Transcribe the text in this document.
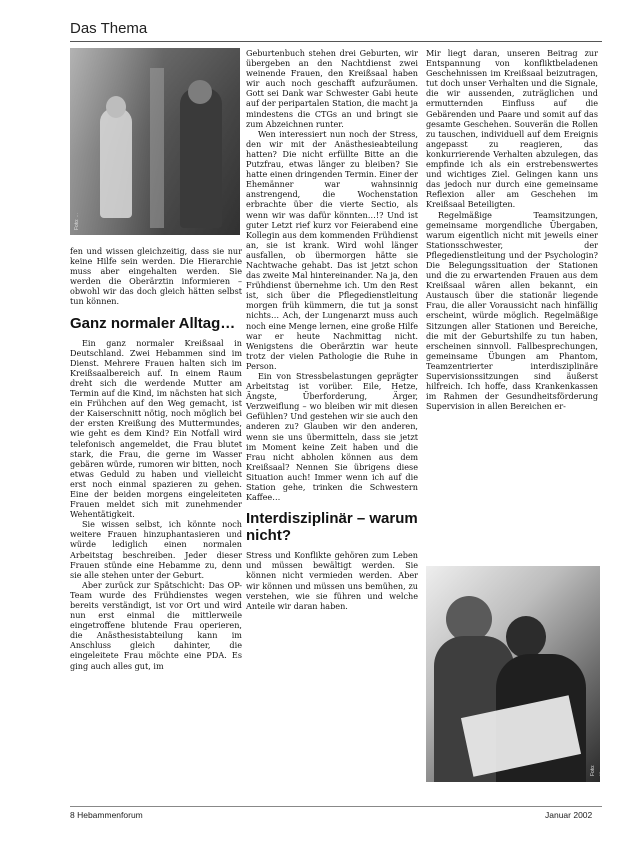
Das Thema
Foto: ...

fen und wissen gleichzeitig, dass sie nur keine Hilfe sein werden. Die Hierarchie muss aber eingehalten werden. Sie werden die Oberärztin informieren – obwohl wir das doch gleich hätten selbst tun können.

Ganz normaler Alltag…

Ein ganz normaler Kreißsaal in Deutschland. Zwei Hebammen sind im Dienst. Mehrere Frauen halten sich im Kreißsaalbereich auf. In einem Raum dreht sich die werdende Mutter am Termin auf die Kind, im nächsten hat sich ein Frühchen auf den Weg gemacht, ist der Kaiserschnitt nötig, noch möglich bei der ersten Kreißung des Muttermundes, wie geht es dem Kind? Ein Notfall wird telefonisch angemeldet, die Frau blutet stark, die Frau, die gerne im Wasser gebären würde, rumoren wir bitten, noch etwas Geduld zu haben und vielleicht erst noch einmal spazieren zu gehen. Eine der beiden morgens eingeleiteten Frauen meldet sich mit zunehmender Wehentätigkeit.

Sie wissen selbst, ich könnte noch weitere Frauen hinzuphantasieren und würde lediglich einen normalen Arbeitstag beschreiben. Jeder dieser Frauen stünde eine Hebamme zu, denn sie alle stehen unter der Geburt.

Aber zurück zur Spätschicht: Das OP-Team wurde des Frühdienstes wegen bereits verständigt, ist vor Ort und wird nun erst einmal die mittlerweile eingetroffene blutende Frau operieren, die Anästhesistabteilung kann im Anschluss gleich dahinter, die eingeleitete Frau möchte eine PDA. Es ging auch alles gut, im

Geburtenbuch stehen drei Geburten, wir übergeben an den Nachtdienst zwei weinende Frauen, den Kreißsaal haben wir auch noch geschafft aufzuräumen. Gott sei Dank war Schwester Gabi heute auf der peripartalen Station, die macht ja mindestens die CTGs an und bringt sie zum Abzeichnen runter.

Wen interessiert nun noch der Stress, den wir mit der Anästhesieabteilung hatten? Die nicht erfüllte Bitte an die Putzfrau, etwas länger zu bleiben? Sie hatte einen dringenden Termin. Einer der Ehemänner war wahnsinnig anstrengend, die Wochenstation erbrachte über die vierte Sectio, als wenn wir was dafür könnten…!? Und ist guter Letzt rief kurz vor Feierabend eine Kollegin aus dem kommenden Frühdienst an, sie ist krank. Wird wohl länger ausfallen, ob übermorgen hätte sie Nachtwache gehabt. Das ist jetzt schon das zweite Mal hintereinander. Na ja, den Frühdienst übernehme ich. Um den Rest ist, sich über die Pflegedienstleitung morgen früh kümmern, die tut ja sonst nichts… Ach, der Lungenarzt muss auch noch eine Menge lernen, eine große Hilfe war er heute Nachmittag nicht. Wenigstens die Oberärztin war heute trotz der vielen Pathologie die Ruhe in Person.

Ein von Stressbelastungen geprägter Arbeitstag ist vorüber. Eile, Hetze, Ängste, Überforderung, Ärger, Verzweiflung – wo bleiben wir mit diesen Gefühlen? Und gestehen wir sie auch den anderen zu? Glauben wir den anderen, wenn sie uns übermitteln, dass sie jetzt im Moment keine Zeit haben und die Frau nicht abholen können aus dem Kreißsaal? Nennen Sie übrigens diese Situation auch! Immer wenn ich auf die Station gehe, trinken die Schwestern Kaffee…

Interdisziplinär – warum nicht?

Stress und Konflikte gehören zum Leben und müssen bewältigt werden. Sie können nicht vermieden werden. Aber wir können und müssen uns bemühen, zu verstehen, wie sie führen und welche Anteile wir daran haben.

Mir liegt daran, unseren Beitrag zur Entspannung von konfliktbeladenen Geschehnissen im Kreißsaal beizutragen, tut doch unser Verhalten und die Signale, die wir aussenden, zuträglichen und ermutternden Einfluss auf die Gebärenden und Paare und somit auf das gesamte Geschehen. Souverän die Rollen zu tauschen, individuell auf dem Ereignis angepasst zu reagieren, das konkurrierende Verhalten abzulegen, das empfinde ich als ein erstrebenswertes und wichtiges Ziel. Gelingen kann uns das jedoch nur durch eine gemeinsame Reflexion aller am Geschehen im Kreißsaal Beteiligten.

Regelmäßige Teamsitzungen, gemeinsame morgendliche Übergaben, warum eigentlich nicht mit jeweils einer Stationsschwester, der Pflegedienstleitung und der Psychologin? Die Belegungssituation der Stationen und die zu erwartenden Frauen aus dem Kreißsaal wären allen bekannt, ein Austausch über die stationär liegende Frau, die aller Voraussicht nach hinfällig erscheint, würde möglich. Regelmäßige Sitzungen aller Stationen und Bereiche, die mit der Geburtshilfe zu tun haben, erscheinen sinnvoll. Fallbesprechungen, gemeinsame Übungen am Phantom, Teamzentrierter interdisziplinäre Supervisionssitzungen sind äußerst hilfreich. Ich hoffe, dass Krankenkassen im Rahmen der Gesundheitsförderung Supervision in allen Bereichen er-

Foto: ...
8 Hebammenforum	Januar 2002
